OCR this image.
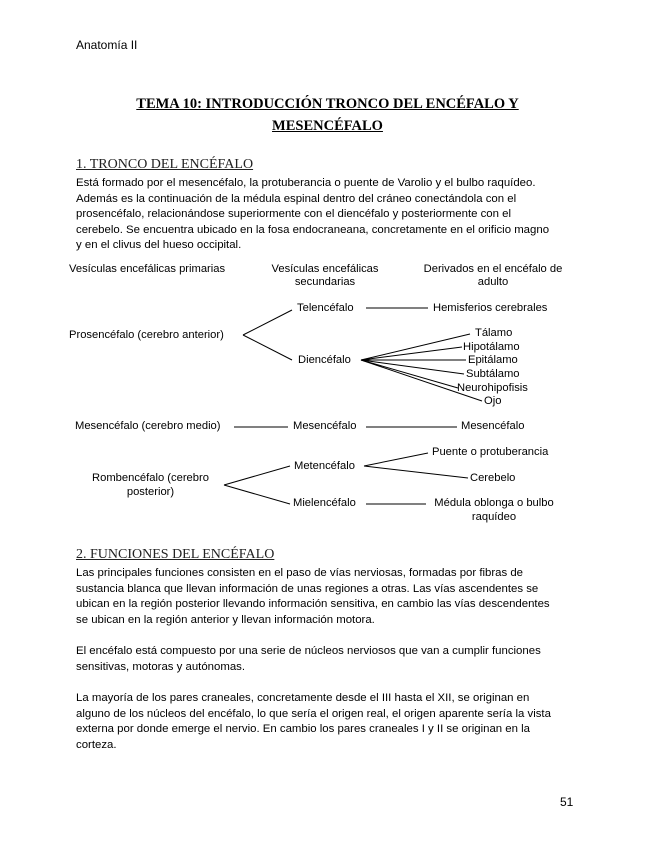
Anatomía II
TEMA 10: INTRODUCCIÓN TRONCO DEL ENCÉFALO Y
MESENCÉFALO
1. TRONCO DEL ENCÉFALO

Está formado por el mesencéfalo, la protuberancia o puente de Varolio y el bulbo raquídeo.

Además es la continuación de la médula espinal dentro del cráneo conectándola con el

prosencéfalo, relacionándose superiormente con el diencéfalo y posteriormente con el

cerebelo. Se encuentra ubicado en la fosa endocraneana, concretamente en el orificio magno

y en el clivus del hueso occipital.

Vesículas encefálicas primarias	Vesículas encefálicas
secundarias
Derivados en el encéfalo de
adulto
Prosencéfalo (cerebro anterior)
Mesencéfalo (cerebro medio)
Rombencéfalo (cerebro
posterior)
Telencéfalo
Diencéfalo
Mesencéfalo
Metencéfalo
Mielencéfalo
Hemisferios cerebrales
Tálamo
Hipotálamo
Epitálamo
Subtálamo
Neurohipofisis
Ojo
Mesencéfalo
Puente o protuberancia
Cerebelo
Médula oblonga o bulbo
raquídeo
2. FUNCIONES DEL ENCÉFALO

Las principales funciones consisten en el paso de vías nerviosas, formadas por fibras de

sustancia blanca que llevan información de unas regiones a otras. Las vías ascendentes se

ubican en la región posterior llevando información sensitiva, en cambio las vías descendentes

se ubican en la región anterior y llevan información motora.

El encéfalo está compuesto por una serie de núcleos nerviosos que van a cumplir funciones

sensitivas, motoras y autónomas.

La mayoría de los pares craneales, concretamente desde el III hasta el XII, se originan en

alguno de los núcleos del encéfalo, lo que sería el origen real, el origen aparente sería la vista

externa por donde emerge el nervio. En cambio los pares craneales I y II se originan en la

corteza.

51
